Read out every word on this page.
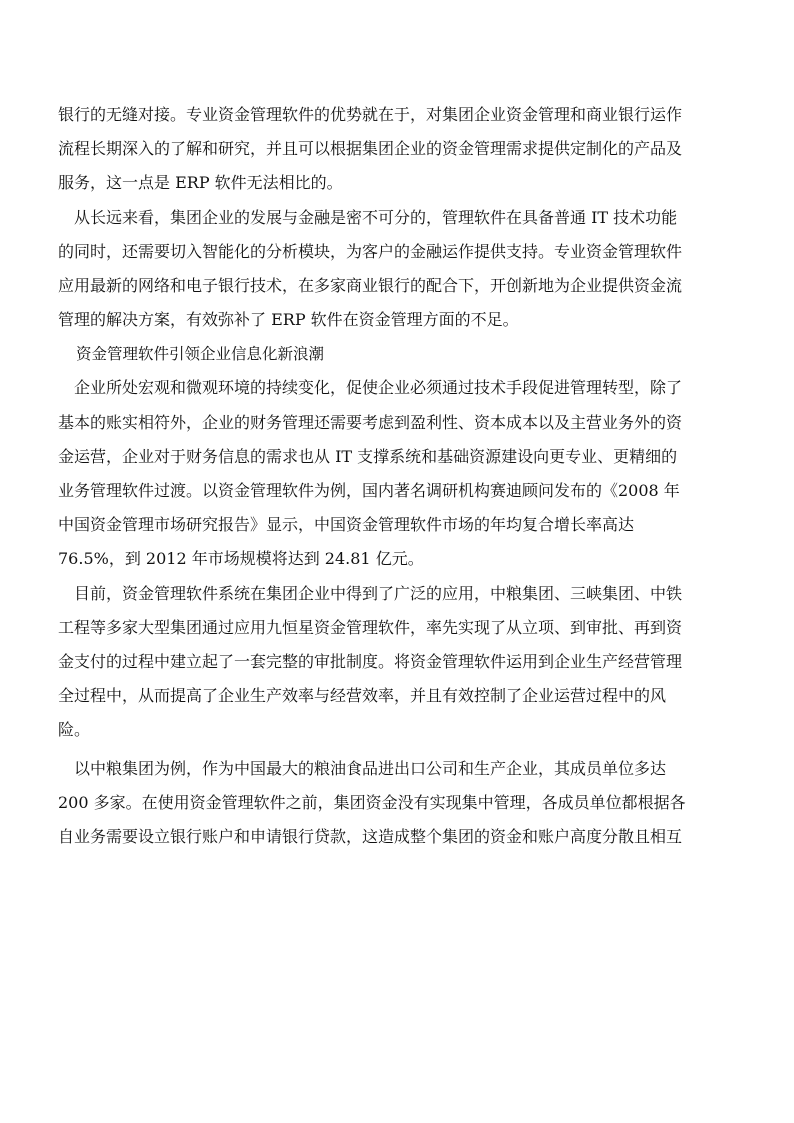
银行的无缝对接。专业资金管理软件的优势就在于，对集团企业资金管理和商业银行运作
流程长期深入的了解和研究，并且可以根据集团企业的资金管理需求提供定制化的产品及
服务，这一点是 ERP 软件无法相比的。

从长远来看，集团企业的发展与金融是密不可分的，管理软件在具备普通 IT 技术功能
的同时，还需要切入智能化的分析模块，为客户的金融运作提供支持。专业资金管理软件
应用最新的网络和电子银行技术，在多家商业银行的配合下，开创新地为企业提供资金流
管理的解决方案，有效弥补了 ERP 软件在资金管理方面的不足。

资金管理软件引领企业信息化新浪潮

企业所处宏观和微观环境的持续变化，促使企业必须通过技术手段促进管理转型，除了
基本的账实相符外，企业的财务管理还需要考虑到盈利性、资本成本以及主营业务外的资
金运营，企业对于财务信息的需求也从 IT 支撑系统和基础资源建设向更专业、更精细的
业务管理软件过渡。以资金管理软件为例，国内著名调研机构赛迪顾问发布的《2008 年
中国资金管理市场研究报告》显示，中国资金管理软件市场的年均复合增长率高达
76.5%，到 2012 年市场规模将达到 24.81 亿元。

目前，资金管理软件系统在集团企业中得到了广泛的应用，中粮集团、三峡集团、中铁
工程等多家大型集团通过应用九恒星资金管理软件，率先实现了从立项、到审批、再到资
金支付的过程中建立起了一套完整的审批制度。将资金管理软件运用到企业生产经营管理
全过程中，从而提高了企业生产效率与经营效率，并且有效控制了企业运营过程中的风
险。

以中粮集团为例，作为中国最大的粮油食品进出口公司和生产企业，其成员单位多达
200 多家。在使用资金管理软件之前，集团资金没有实现集中管理，各成员单位都根据各
自业务需要设立银行账户和申请银行贷款，这造成整个集团的资金和账户高度分散且相互
